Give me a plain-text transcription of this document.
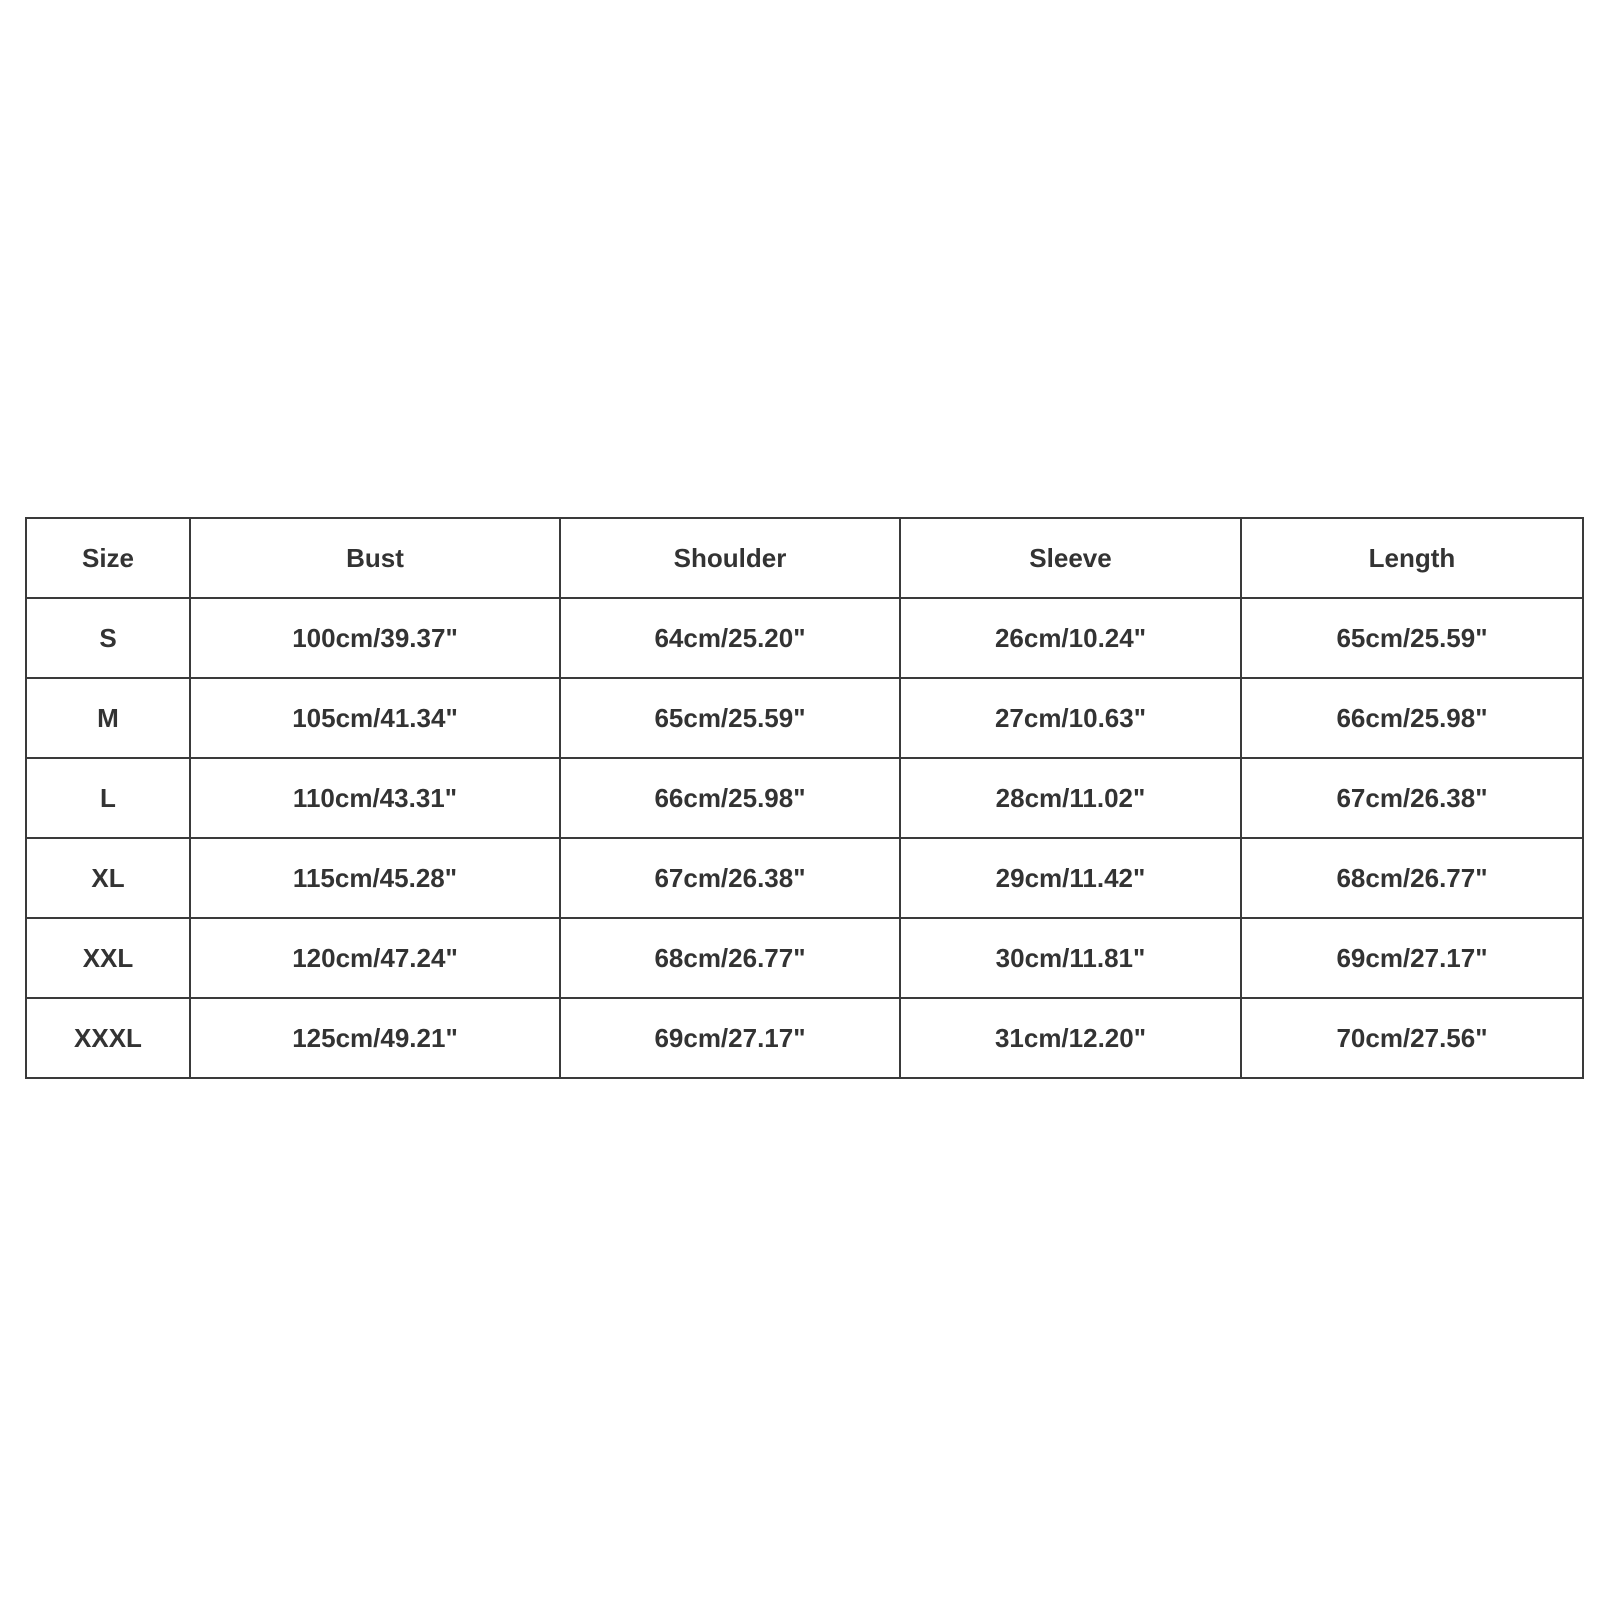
Size	Bust	Shoulder	Sleeve	Length
S	100cm/39.37"	64cm/25.20"	26cm/10.24"	65cm/25.59"
M	105cm/41.34"	65cm/25.59"	27cm/10.63"	66cm/25.98"
L	110cm/43.31"	66cm/25.98"	28cm/11.02"	67cm/26.38"
XL	115cm/45.28"	67cm/26.38"	29cm/11.42"	68cm/26.77"
XXL	120cm/47.24"	68cm/26.77"	30cm/11.81"	69cm/27.17"
XXXL	125cm/49.21"	69cm/27.17"	31cm/12.20"	70cm/27.56"
